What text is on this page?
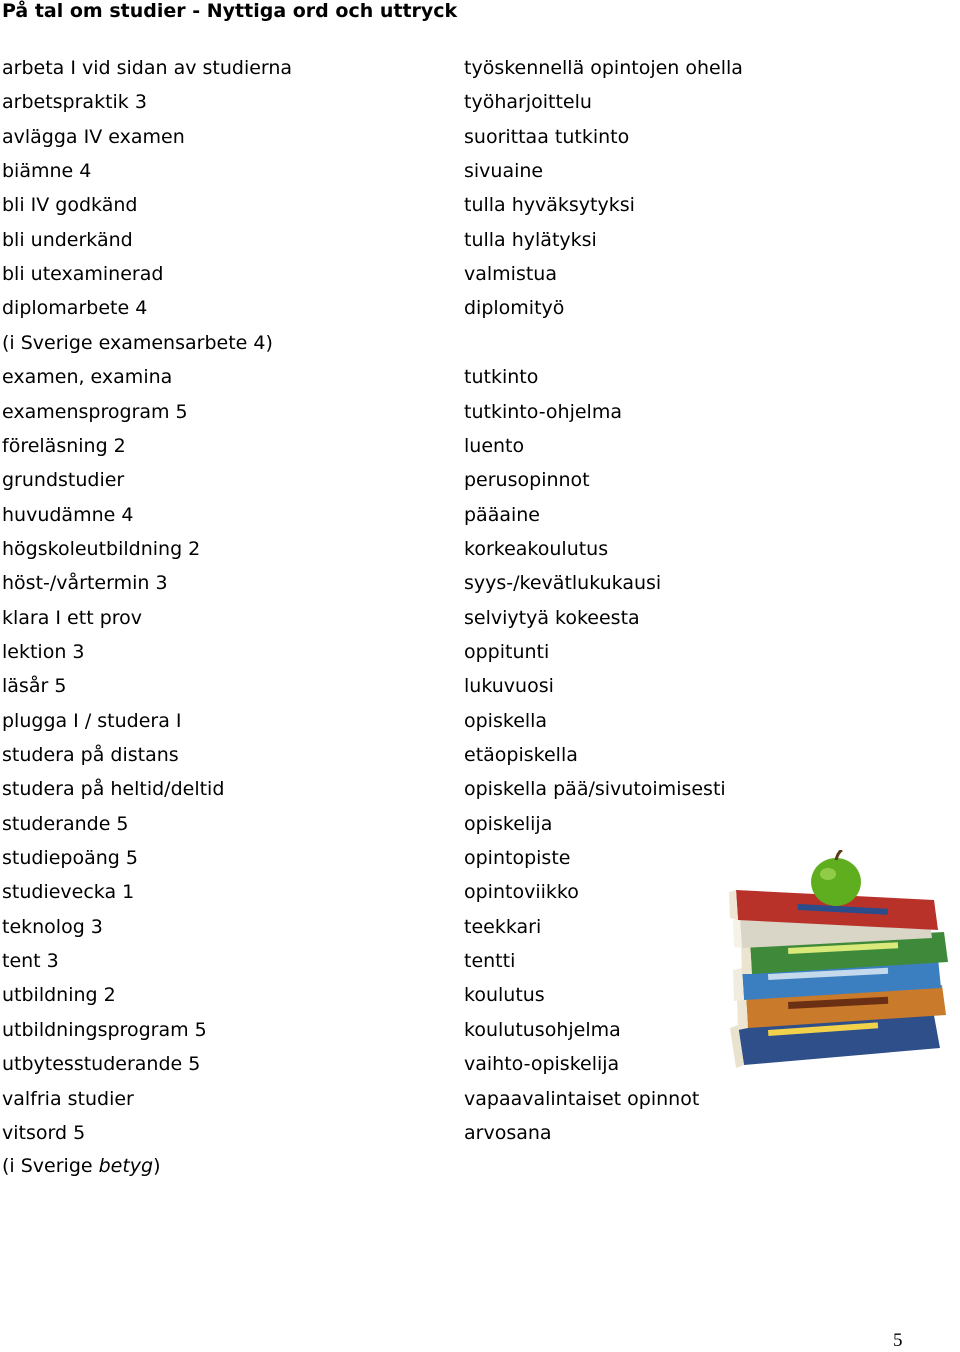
På tal om studier - Nyttiga ord och uttryck
arbeta I vid sidan av studierna	työskennellä opintojen ohella
arbetspraktik 3	työharjoittelu
avlägga IV examen	suorittaa tutkinto
biämne 4	sivuaine
bli IV godkänd	tulla hyväksytyksi
bli underkänd	tulla hylätyksi
bli utexaminerad	valmistua
diplomarbete 4	diplomityö
(i Sverige examensarbete 4)
examen, examina	tutkinto
examensprogram 5	tutkinto-ohjelma
föreläsning 2	luento
grundstudier	perusopinnot
huvudämne 4	pääaine
högskoleutbildning 2	korkeakoulutus
höst-/vårtermin 3	syys-/kevätlukukausi
klara I ett prov	selviytyä kokeesta
lektion 3	oppitunti
läsår 5	lukuvuosi
plugga I / studera I	opiskella
studera på distans	etäopiskella
studera på heltid/deltid	opiskella pää/sivutoimisesti
studerande 5	opiskelija
studiepoäng 5	opintopiste
studievecka 1	opintoviikko
teknolog 3	teekkari
tent 3	tentti
utbildning 2	koulutus
utbildningsprogram 5	koulutusohjelma
utbytesstuderande 5	vaihto-opiskelija
valfria studier	vapaavalintaiset opinnot
vitsord 5	arvosana
(i Sverige betyg)
5
